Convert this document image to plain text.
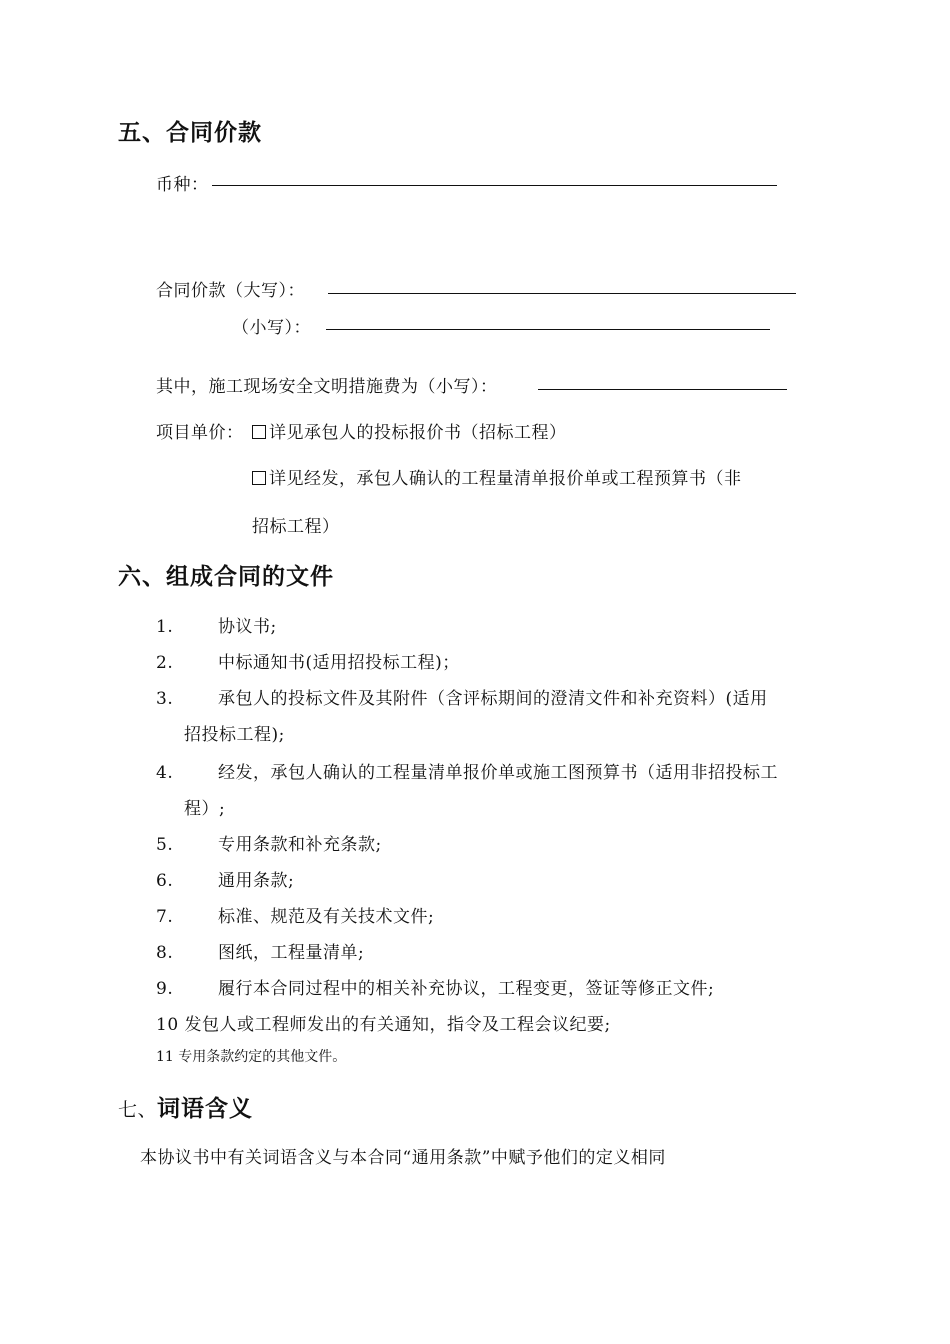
五、合同价款
币种：
合同价款（大写）：
（小写）：
其中，施工现场安全文明措施费为（小写）：
项目单价：	详见承包人的投标报价书（招标工程）
详见经发，承包人确认的工程量清单报价单或工程预算书（非
招标工程）
六、组成合同的文件
1.	协议书;
2.	中标通知书(适用招投标工程)；
3.	承包人的投标文件及其附件（含评标期间的澄清文件和补充资料）(适用
招投标工程);
4.	经发，承包人确认的工程量清单报价单或施工图预算书（适用非招投标工
程）;
5.	专用条款和补充条款;
6.	通用条款;
7.	标准、规范及有关技术文件;
8.	图纸，工程量清单;
9.	履行本合同过程中的相关补充协议，工程变更，签证等修正文件;
10 发包人或工程师发出的有关通知，指令及工程会议纪要;
11 专用条款约定的其他文件。
七、词语含义
本协议书中有关词语含义与本合同“通用条款”中赋予他们的定义相同
